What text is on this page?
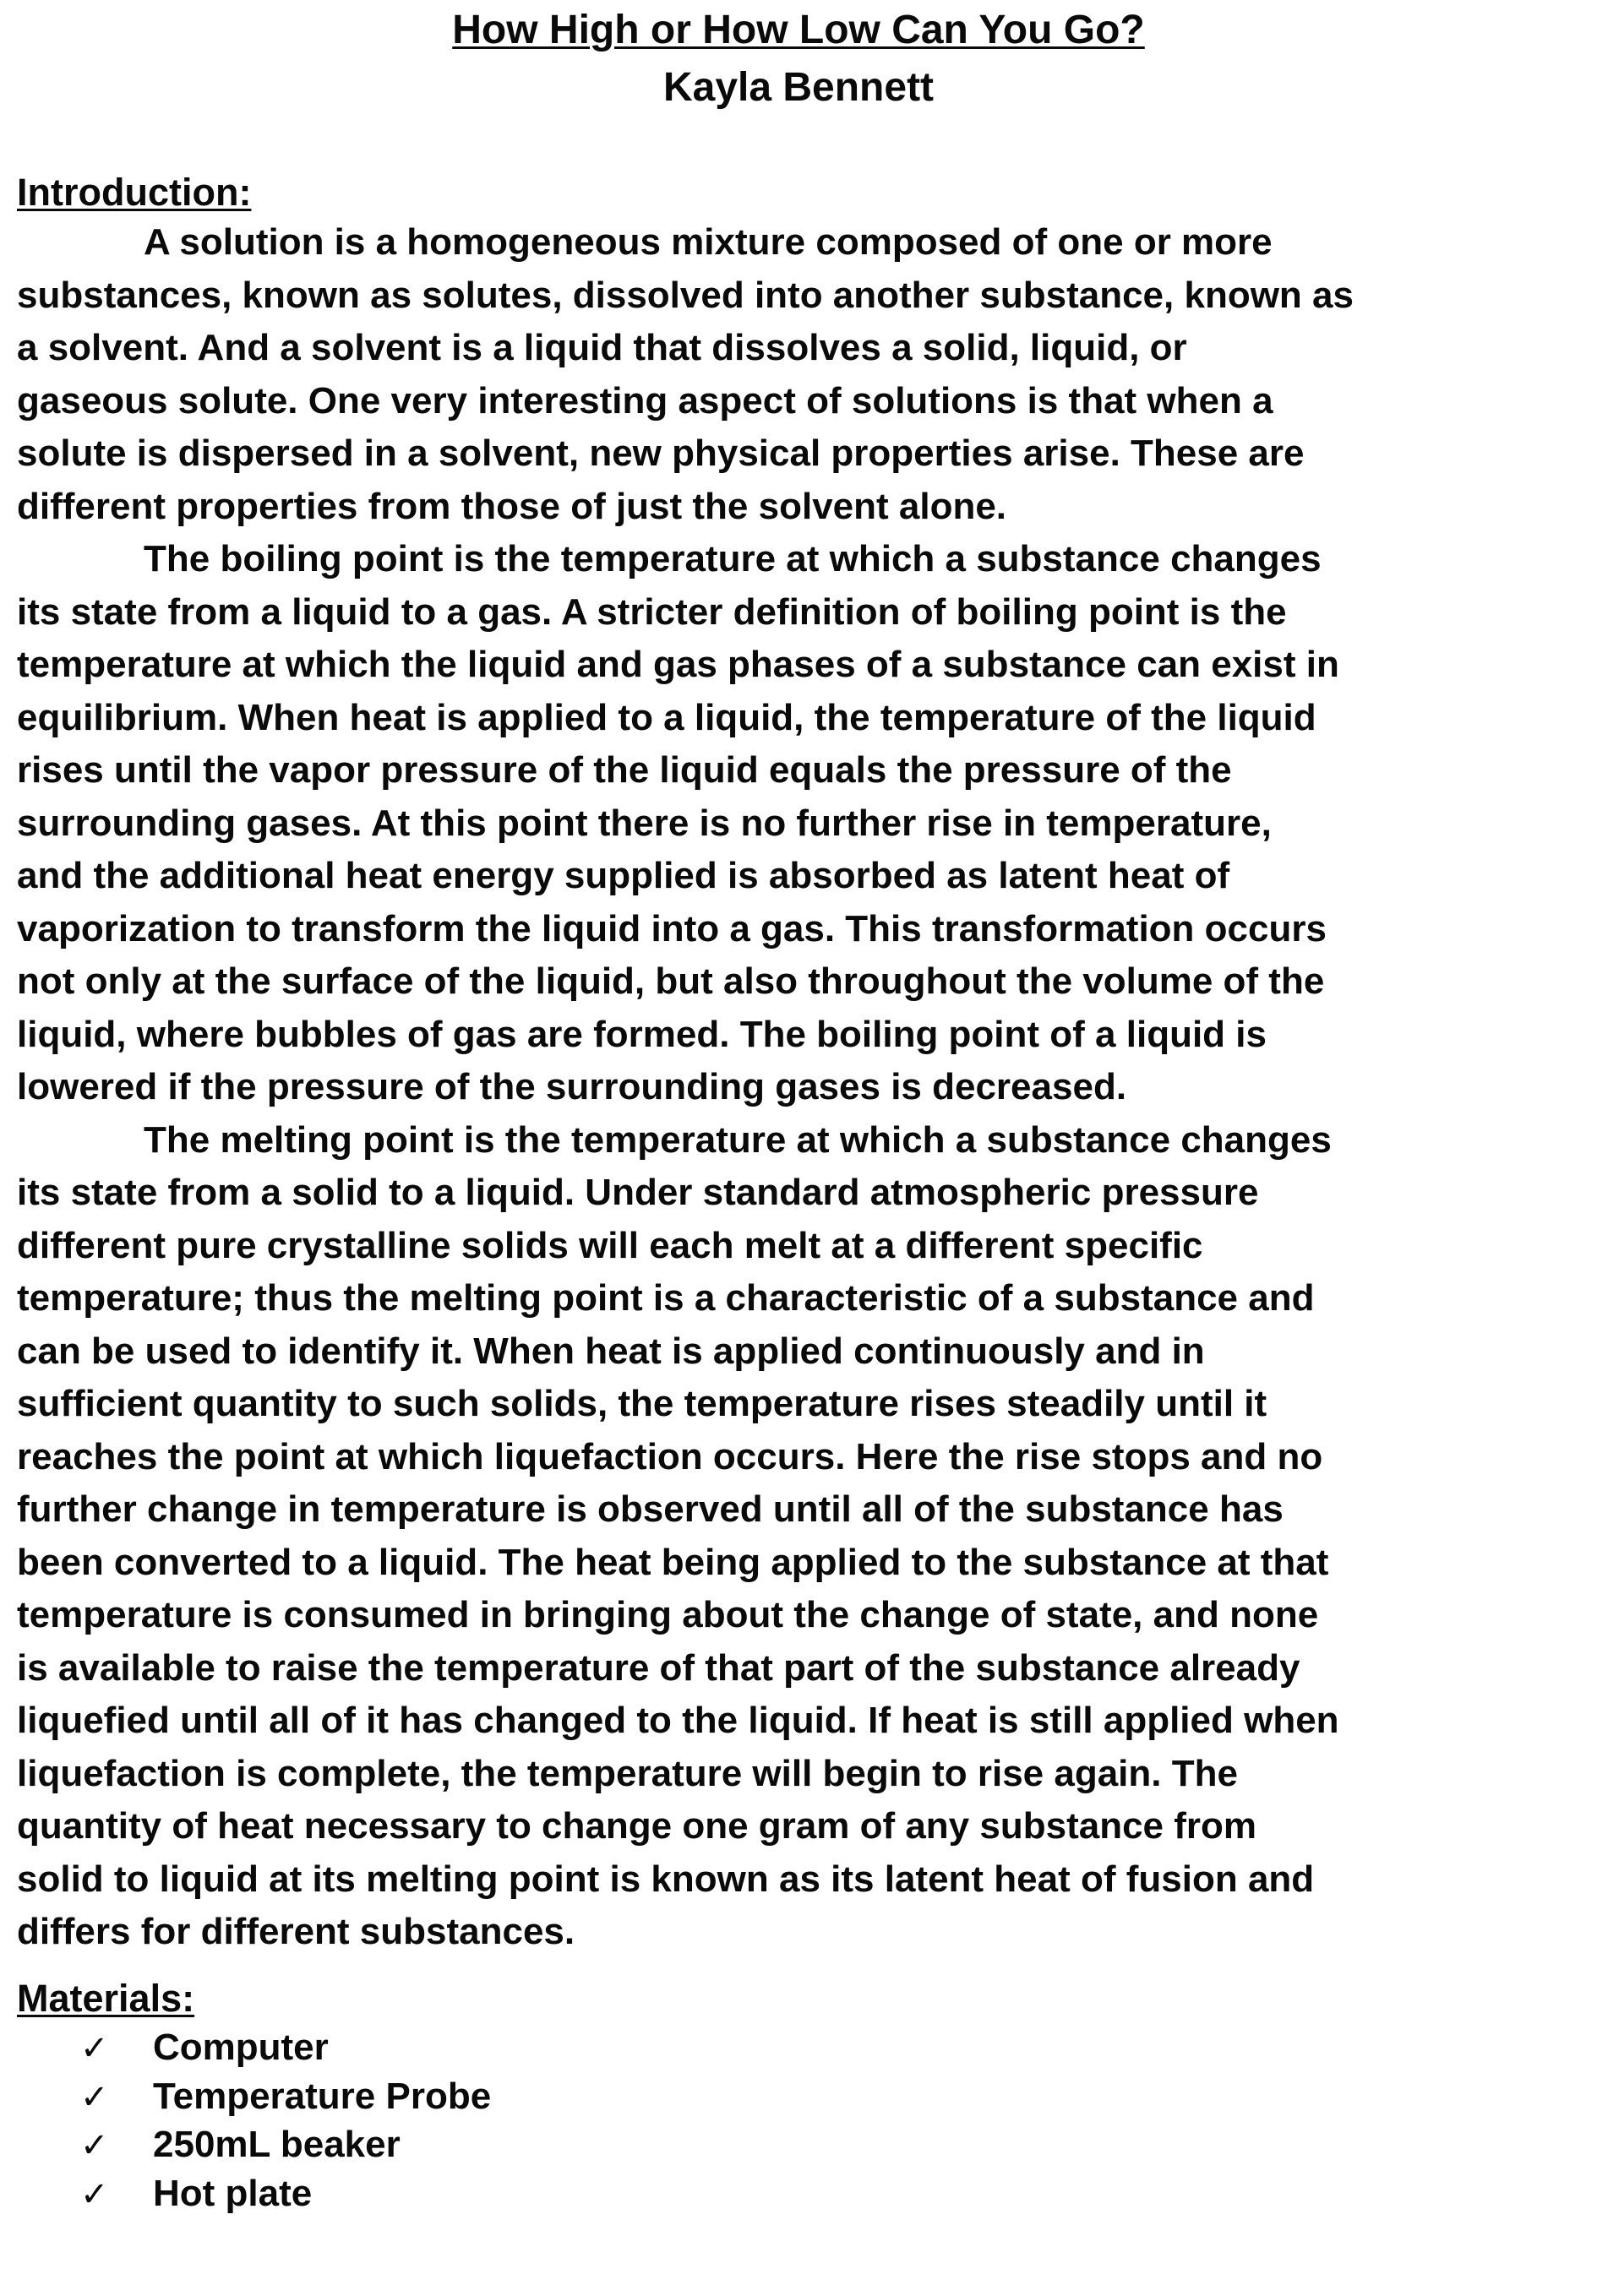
How High or How Low Can You Go?
Kayla Bennett
Introduction:
A solution is a homogeneous mixture composed of one or more
substances, known as solutes, dissolved into another substance, known as
a solvent. And a solvent is a liquid that dissolves a solid, liquid, or
gaseous solute. One very interesting aspect of solutions is that when a
solute is dispersed in a solvent, new physical properties arise. These are
different properties from those of just the solvent alone.
The boiling point is the temperature at which a substance changes
its state from a liquid to a gas. A stricter definition of boiling point is the
temperature at which the liquid and gas phases of a substance can exist in
equilibrium. When heat is applied to a liquid, the temperature of the liquid
rises until the vapor pressure of the liquid equals the pressure of the
surrounding gases. At this point there is no further rise in temperature,
and the additional heat energy supplied is absorbed as latent heat of
vaporization to transform the liquid into a gas. This transformation occurs
not only at the surface of the liquid, but also throughout the volume of the
liquid, where bubbles of gas are formed. The boiling point of a liquid is
lowered if the pressure of the surrounding gases is decreased.
The melting point is the temperature at which a substance changes
its state from a solid to a liquid. Under standard atmospheric pressure
different pure crystalline solids will each melt at a different specific
temperature; thus the melting point is a characteristic of a substance and
can be used to identify it. When heat is applied continuously and in
sufficient quantity to such solids, the temperature rises steadily until it
reaches the point at which liquefaction occurs. Here the rise stops and no
further change in temperature is observed until all of the substance has
been converted to a liquid. The heat being applied to the substance at that
temperature is consumed in bringing about the change of state, and none
is available to raise the temperature of that part of the substance already
liquefied until all of it has changed to the liquid. If heat is still applied when
liquefaction is complete, the temperature will begin to rise again. The
quantity of heat necessary to change one gram of any substance from
solid to liquid at its melting point is known as its latent heat of fusion and
differs for different substances.
Materials:
✓ Computer
✓ Temperature Probe
✓ 250mL beaker
✓ Hot plate
